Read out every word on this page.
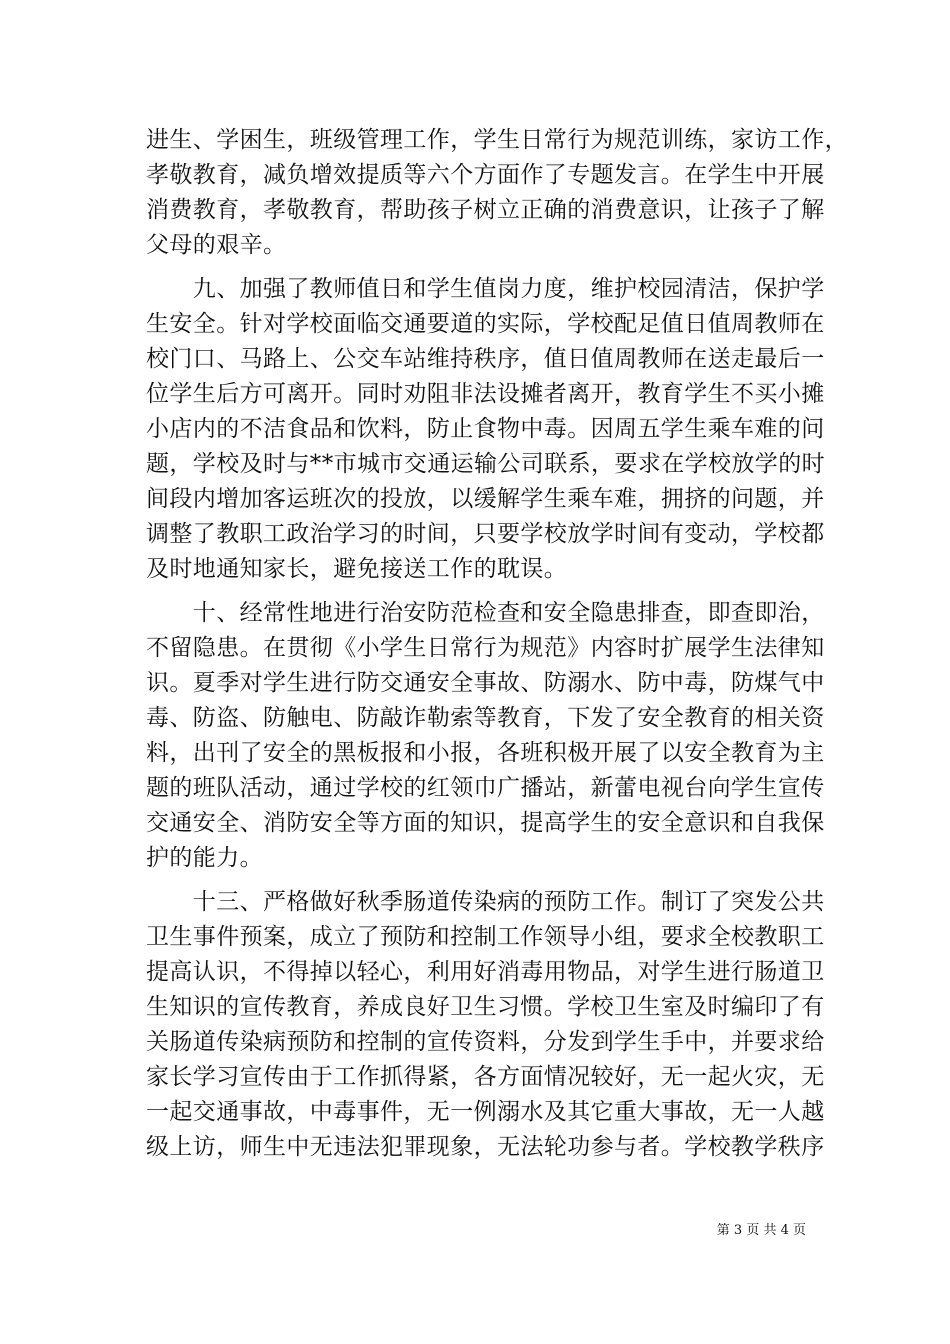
进生、学困生，班级管理工作，学生日常行为规范训练，家访工作，
孝敬教育，减负增效提质等六个方面作了专题发言。在学生中开展
消费教育，孝敬教育，帮助孩子树立正确的消费意识，让孩子了解
父母的艰辛。
　　九、加强了教师值日和学生值岗力度，维护校园清洁，保护学
生安全。针对学校面临交通要道的实际，学校配足值日值周教师在
校门口、马路上、公交车站维持秩序，值日值周教师在送走最后一
位学生后方可离开。同时劝阻非法设摊者离开，教育学生不买小摊
小店内的不洁食品和饮料，防止食物中毒。因周五学生乘车难的问
题，学校及时与**市城市交通运输公司联系，要求在学校放学的时
间段内增加客运班次的投放，以缓解学生乘车难，拥挤的问题，并
调整了教职工政治学习的时间，只要学校放学时间有变动，学校都
及时地通知家长，避免接送工作的耽误。
　　十、经常性地进行治安防范检查和安全隐患排查，即查即治，
不留隐患。在贯彻《小学生日常行为规范》内容时扩展学生法律知
识。夏季对学生进行防交通安全事故、防溺水、防中毒，防煤气中
毒、防盗、防触电、防敲诈勒索等教育，下发了安全教育的相关资
料，出刊了安全的黑板报和小报，各班积极开展了以安全教育为主
题的班队活动，通过学校的红领巾广播站，新蕾电视台向学生宣传
交通安全、消防安全等方面的知识，提高学生的安全意识和自我保
护的能力。
　　十三、严格做好秋季肠道传染病的预防工作。制订了突发公共
卫生事件预案，成立了预防和控制工作领导小组，要求全校教职工
提高认识，不得掉以轻心，利用好消毒用物品，对学生进行肠道卫
生知识的宣传教育，养成良好卫生习惯。学校卫生室及时编印了有
关肠道传染病预防和控制的宣传资料，分发到学生手中，并要求给
家长学习宣传由于工作抓得紧，各方面情况较好，无一起火灾，无
一起交通事故，中毒事件，无一例溺水及其它重大事故，无一人越
级上访，师生中无违法犯罪现象，无法轮功参与者。学校教学秩序
第 3 页 共 4 页
